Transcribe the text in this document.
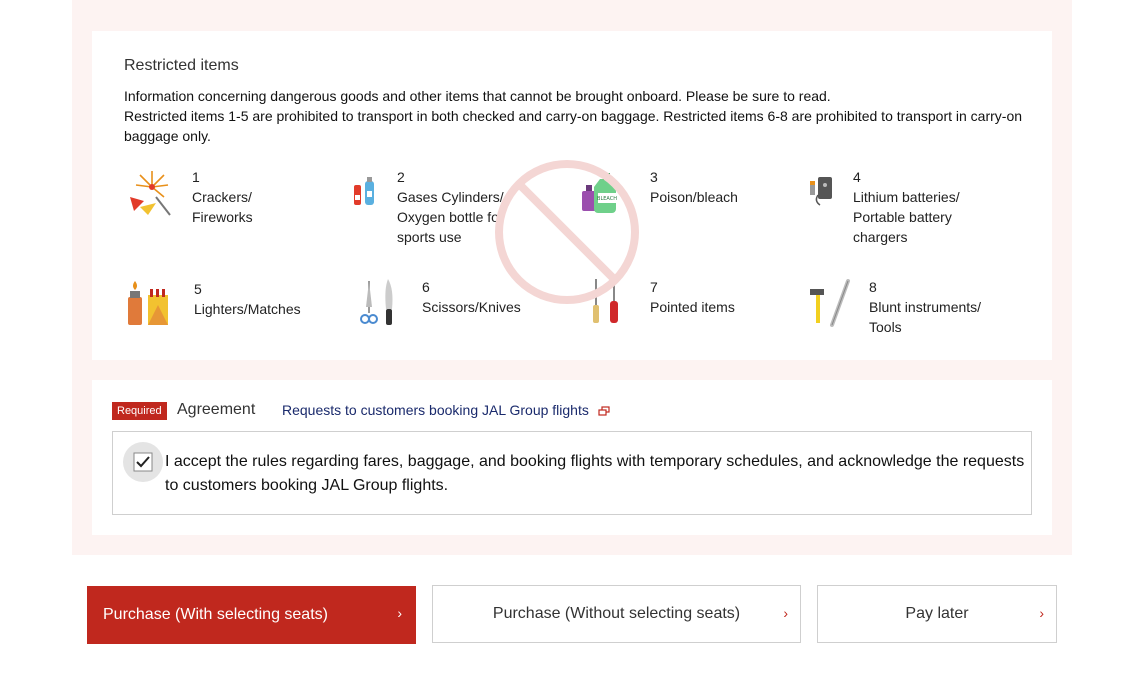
Restricted items
Information concerning dangerous goods and other items that cannot be brought onboard. Please be sure to read.
Restricted items 1-5 are prohibited to transport in both checked and carry-on baggage. Restricted items 6-8 are prohibited to transport in carry-on baggage only.
1
Crackers/
Fireworks
2
Gases Cylinders/
Oxygen bottle for
sports use
BLEACH
3
Poison/bleach
4
Lithium batteries/
Portable battery
chargers
5
Lighters/Matches
6
Scissors/Knives
7
Pointed items
8
Blunt instruments/
Tools
Required Agreement Requests to customers booking JAL Group flights
I accept the rules regarding fares, baggage, and booking flights with temporary schedules, and acknowledge the requests to customers booking JAL Group flights.
Purchase (With selecting seats)	›	Purchase (Without selecting seats)	›	Pay later	›
